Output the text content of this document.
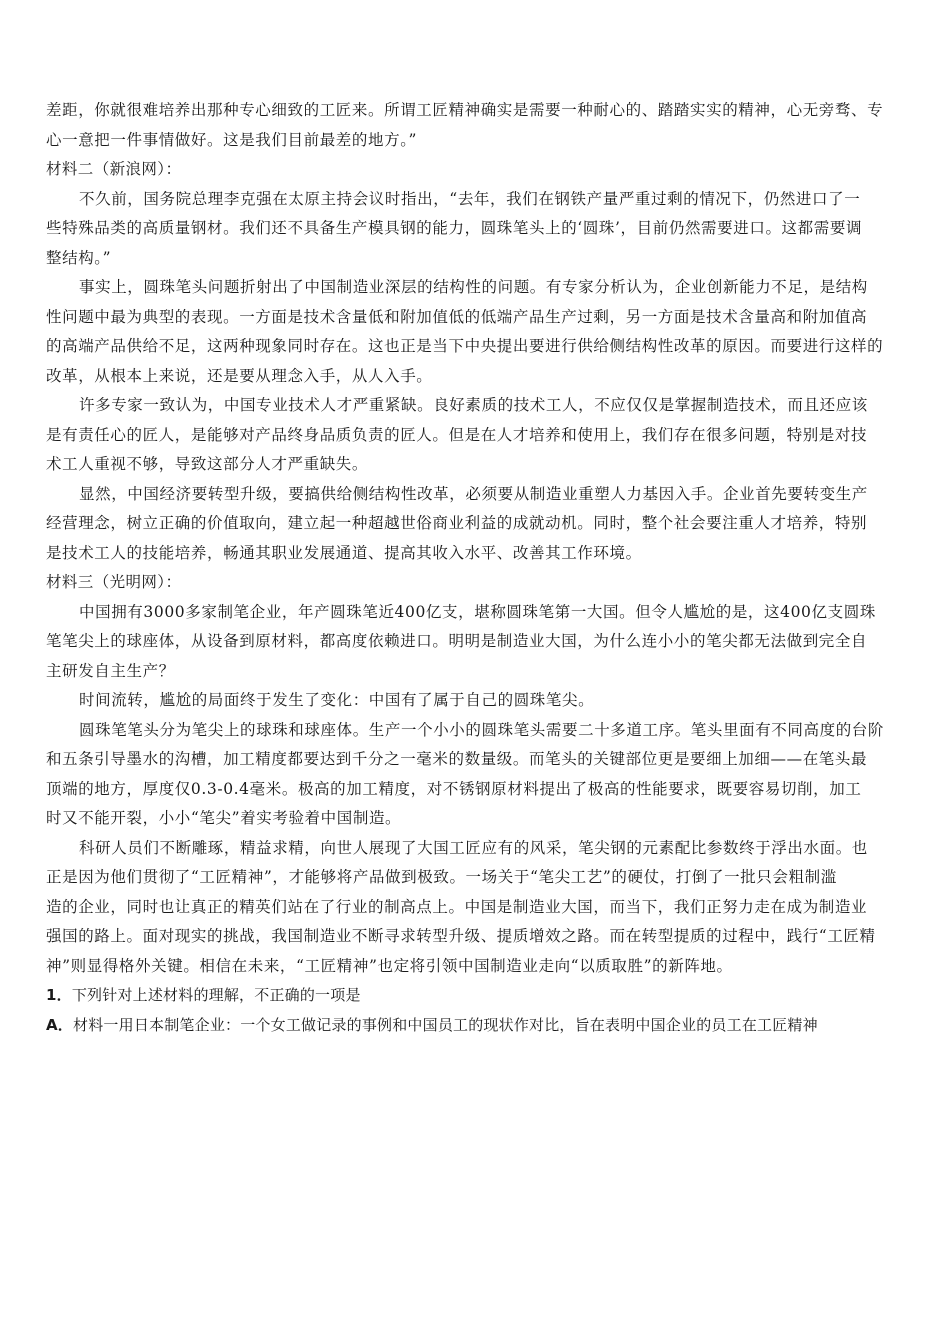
差距，你就很难培养出那种专心细致的工匠来。所谓工匠精神确实是需要一种耐心的、踏踏实实的精神，心无旁骛、专
心一意把一件事情做好。这是我们目前最差的地方。”
材料二（新浪网）：
不久前，国务院总理李克强在太原主持会议时指出，“去年，我们在钢铁产量严重过剩的情况下，仍然进口了一
些特殊品类的高质量钢材。我们还不具备生产模具钢的能力，圆珠笔头上的‘圆珠’，目前仍然需要进口。这都需要调
整结构。”
事实上，圆珠笔头问题折射出了中国制造业深层的结构性的问题。有专家分析认为，企业创新能力不足，是结构
性问题中最为典型的表现。一方面是技术含量低和附加值低的低端产品生产过剩，另一方面是技术含量高和附加值高
的高端产品供给不足，这两种现象同时存在。这也正是当下中央提出要进行供给侧结构性改革的原因。而要进行这样的
改革，从根本上来说，还是要从理念入手，从人入手。
许多专家一致认为，中国专业技术人才严重紧缺。良好素质的技术工人，不应仅仅是掌握制造技术，而且还应该
是有责任心的匠人，是能够对产品终身品质负责的匠人。但是在人才培养和使用上，我们存在很多问题，特别是对技
术工人重视不够，导致这部分人才严重缺失。
显然，中国经济要转型升级，要搞供给侧结构性改革，必须要从制造业重塑人力基因入手。企业首先要转变生产
经营理念，树立正确的价值取向，建立起一种超越世俗商业利益的成就动机。同时，整个社会要注重人才培养，特别
是技术工人的技能培养，畅通其职业发展通道、提高其收入水平、改善其工作环境。
材料三（光明网）：
中国拥有3000多家制笔企业，年产圆珠笔近400亿支，堪称圆珠笔第一大国。但令人尴尬的是，这400亿支圆珠
笔笔尖上的球座体，从设备到原材料，都高度依赖进口。明明是制造业大国，为什么连小小的笔尖都无法做到完全自
主研发自主生产？
时间流转，尴尬的局面终于发生了变化：中国有了属于自己的圆珠笔尖。
圆珠笔笔头分为笔尖上的球珠和球座体。生产一个小小的圆珠笔头需要二十多道工序。笔头里面有不同高度的台阶
和五条引导墨水的沟槽，加工精度都要达到千分之一毫米的数量级。而笔头的关键部位更是要细上加细——在笔头最
顶端的地方，厚度仅0.3-0.4毫米。极高的加工精度，对不锈钢原材料提出了极高的性能要求，既要容易切削，加工
时又不能开裂，小小“笔尖”着实考验着中国制造。
科研人员们不断雕琢，精益求精，向世人展现了大国工匠应有的风采，笔尖钢的元素配比参数终于浮出水面。也
正是因为他们贯彻了“工匠精神”，才能够将产品做到极致。一场关于“笔尖工艺”的硬仗，打倒了一批只会粗制滥
造的企业，同时也让真正的精英们站在了行业的制高点上。中国是制造业大国，而当下，我们正努力走在成为制造业
强国的路上。面对现实的挑战，我国制造业不断寻求转型升级、提质增效之路。而在转型提质的过程中，践行“工匠精
神”则显得格外关键。相信在未来，“工匠精神”也定将引领中国制造业走向“以质取胜”的新阵地。
1．下列针对上述材料的理解，不正确的一项是
A．材料一用日本制笔企业：一个女工做记录的事例和中国员工的现状作对比，旨在表明中国企业的员工在工匠精神
